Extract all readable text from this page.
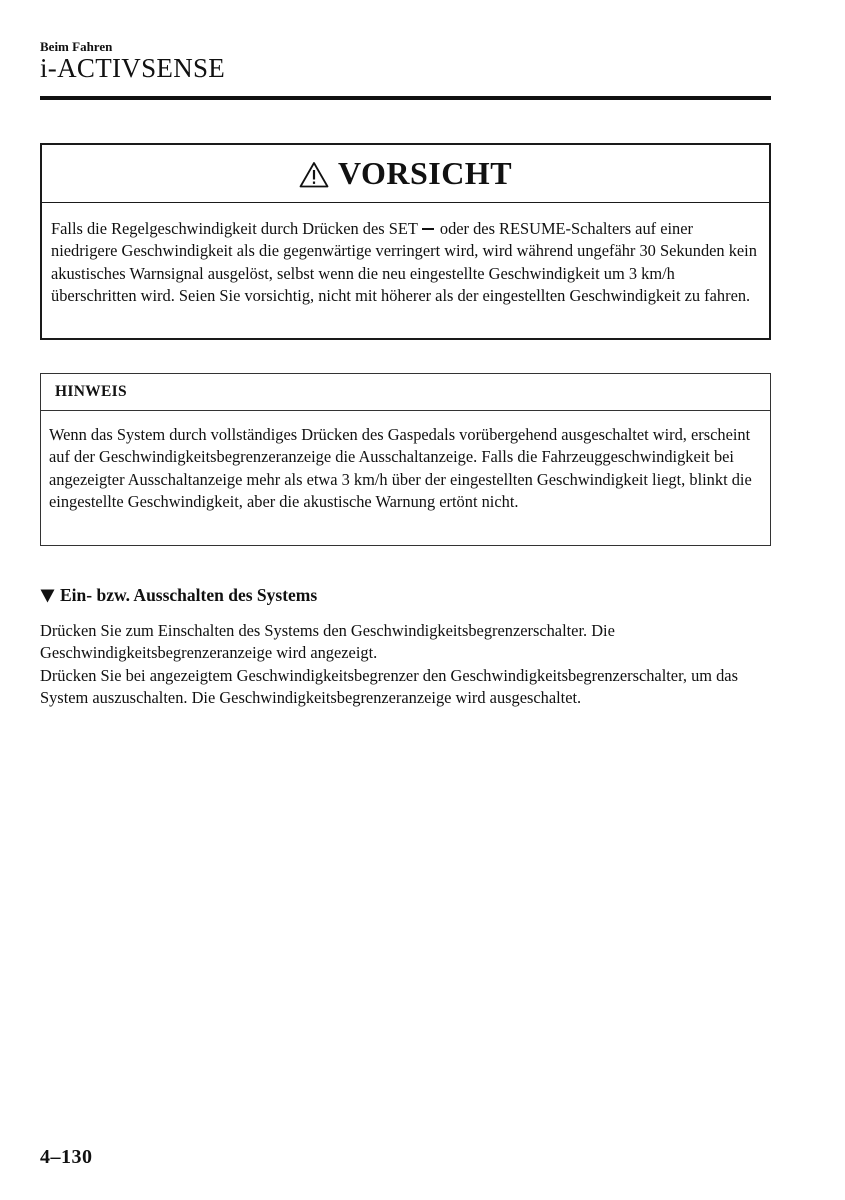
Beim Fahren
i-ACTIVSENSE
VORSICHT
Falls die Regelgeschwindigkeit durch Drücken des SET oder des RESUME-Schalters auf einer niedrigere Geschwindigkeit als die gegenwärtige verringert wird, wird während ungefähr 30 Sekunden kein akustisches Warnsignal ausgelöst, selbst wenn die neu eingestellte Geschwindigkeit um 3 km/h überschritten wird. Seien Sie vorsichtig, nicht mit höherer als der eingestellten Geschwindigkeit zu fahren.
HINWEIS
Wenn das System durch vollständiges Drücken des Gaspedals vorübergehend ausgeschaltet wird, erscheint auf der Geschwindigkeitsbegrenzeranzeige die Ausschaltanzeige. Falls die Fahrzeuggeschwindigkeit bei angezeigter Ausschaltanzeige mehr als etwa 3 km/h über der eingestellten Geschwindigkeit liegt, blinkt die eingestellte Geschwindigkeit, aber die akustische Warnung ertönt nicht.
Ein- bzw. Ausschalten des Systems

Drücken Sie zum Einschalten des Systems den Geschwindigkeitsbegrenzerschalter. Die Geschwindigkeitsbegrenzeranzeige wird angezeigt.

Drücken Sie bei angezeigtem Geschwindigkeitsbegrenzer den Geschwindigkeitsbegrenzerschalter, um das System auszuschalten. Die Geschwindigkeitsbegrenzeranzeige wird ausgeschaltet.

4–130
